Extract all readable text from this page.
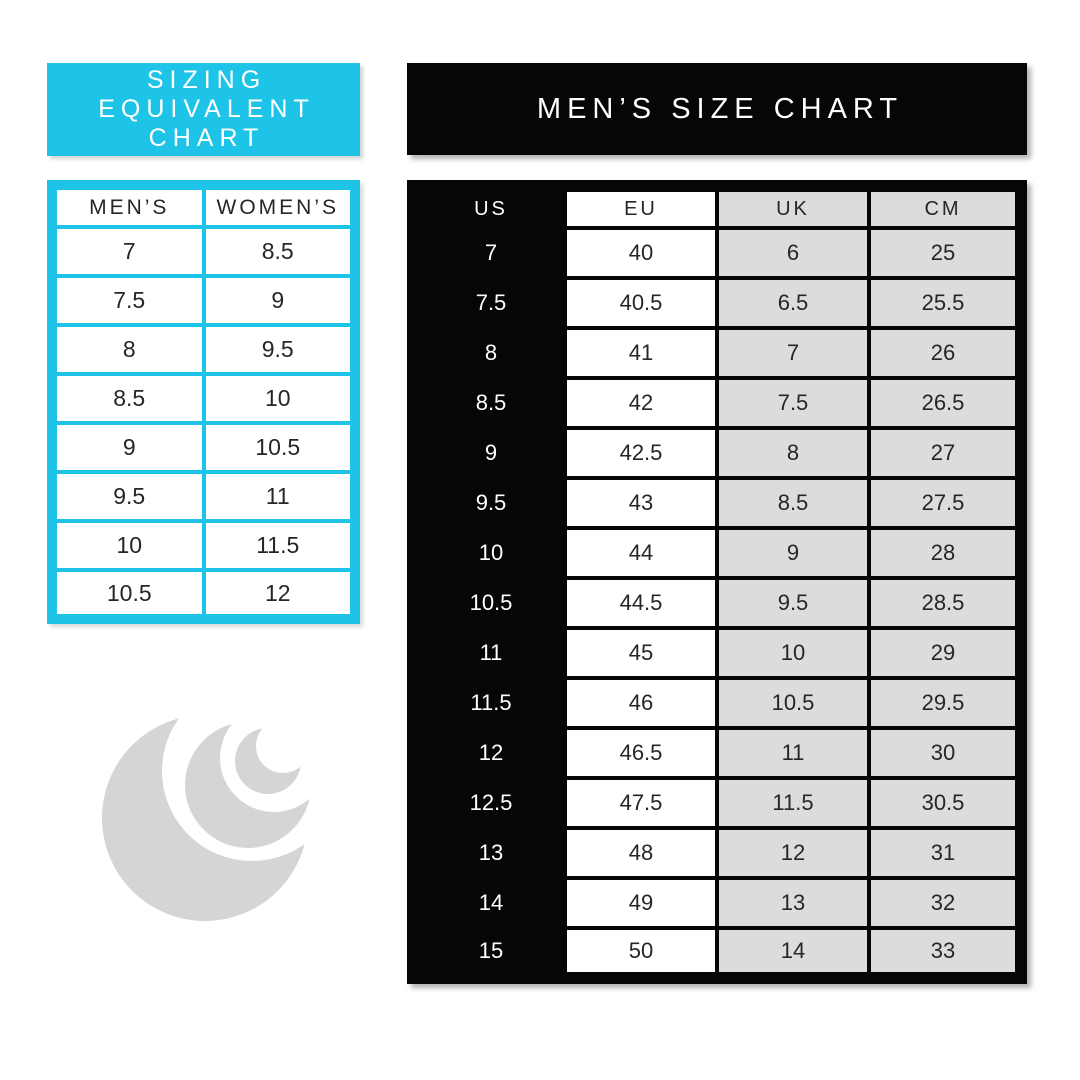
SIZING
EQUIVALENT
CHART
MEN’S	WOMEN’S
7	8.5
7.5	9
8	9.5
8.5	10
9	10.5
9.5	11
10	11.5
10.5	12
MEN’S SIZE CHART
US	EU	UK	CM
7	40	6	25
7.5	40.5	6.5	25.5
8	41	7	26
8.5	42	7.5	26.5
9	42.5	8	27
9.5	43	8.5	27.5
10	44	9	28
10.5	44.5	9.5	28.5
11	45	10	29
11.5	46	10.5	29.5
12	46.5	11	30
12.5	47.5	11.5	30.5
13	48	12	31
14	49	13	32
15	50	14	33
